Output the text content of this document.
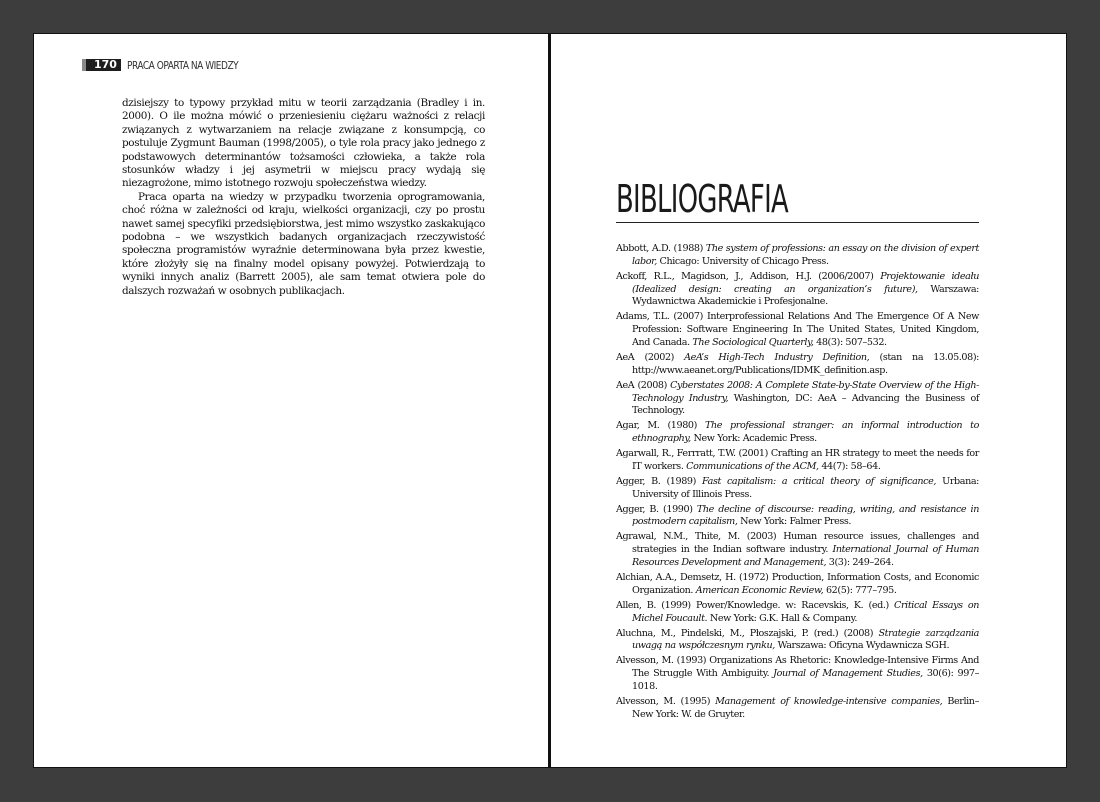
170 PRACA OPARTA NA WIEDZY

dzisiejszy to typowy przykład mitu w teorii zarządzania (Bradley i in. 2000). O ile można mówić o przeniesieniu ciężaru ważności z relacji związanych z wytwarzaniem na relacje związane z konsumpcją, co postuluje Zygmunt Bauman (1998/2005), o tyle rola pracy jako jednego z podstawowych determinantów tożsamości człowieka, a także rola stosunków władzy i jej asymetrii w miejscu pracy wydają się niezagrożone, mimo istotnego rozwoju społeczeństwa wiedzy.

Praca oparta na wiedzy w przypadku tworzenia oprogramowania, choć różna w zależności od kraju, wielkości organizacji, czy po prostu nawet samej specyfiki przedsiębiorstwa, jest mimo wszystko zaskakująco podobna – we wszystkich badanych organizacjach rzeczywistość społeczna programistów wyraźnie determinowana była przez kwestie, które złożyły się na finalny model opisany powyżej. Potwierdzają to wyniki innych analiz (Barrett 2005), ale sam temat otwiera pole do dalszych rozważań w osobnych publikacjach.

BIBLIOGRAFIA
Abbott, A.D. (1988) The system of professions: an essay on the division of expert labor, Chicago: University of Chicago Press.
Ackoff, R.L., Magidson, J., Addison, H.J. (2006/2007) Projektowanie ideału (Idealized design: creating an organization’s future), Warszawa: Wydawnictwa Akademickie i Profesjonalne.
Adams, T.L. (2007) Interprofessional Relations And The Emergence Of A New Profession: Software Engineering In The United States, United Kingdom, And Canada. The Sociological Quarterly, 48(3): 507–532.
AeA (2002) AeA’s High-Tech Industry Definition, (stan na 13.05.08): http://www.aeanet.org/Publications/IDMK_definition.asp.
AeA (2008) Cyberstates 2008: A Complete State-by-State Overview of the High-Technology Industry, Washington, DC: AeA – Advancing the Business of Technology.
Agar, M. (1980) The professional stranger: an informal introduction to ethnography, New York: Academic Press.
Agarwall, R., Ferrratt, T.W. (2001) Crafting an HR strategy to meet the needs for IT workers. Communications of the ACM, 44(7): 58–64.
Agger, B. (1989) Fast capitalism: a critical theory of significance, Urbana: University of Illinois Press.
Agger, B. (1990) The decline of discourse: reading, writing, and resistance in postmodern capitalism, New York: Falmer Press.
Agrawal, N.M., Thite, M. (2003) Human resource issues, challenges and strategies in the Indian software industry. International Journal of Human Resources Development and Management, 3(3): 249–264.
Alchian, A.A., Demsetz, H. (1972) Production, Information Costs, and Economic Organization. American Economic Review, 62(5): 777–795.
Allen, B. (1999) Power/Knowledge. w: Racevskis, K. (ed.) Critical Essays on Michel Foucault. New York: G.K. Hall & Company.
Aluchna, M., Pindelski, M., Płoszajski, P. (red.) (2008) Strategie zarządzania uwagą na współczesnym rynku, Warszawa: Oficyna Wydawnicza SGH.
Alvesson, M. (1993) Organizations As Rhetoric: Knowledge-Intensive Firms And The Struggle With Ambiguity. Journal of Management Studies, 30(6): 997–1018.
Alvesson, M. (1995) Management of knowledge-intensive companies, Berlin–New York: W. de Gruyter.
